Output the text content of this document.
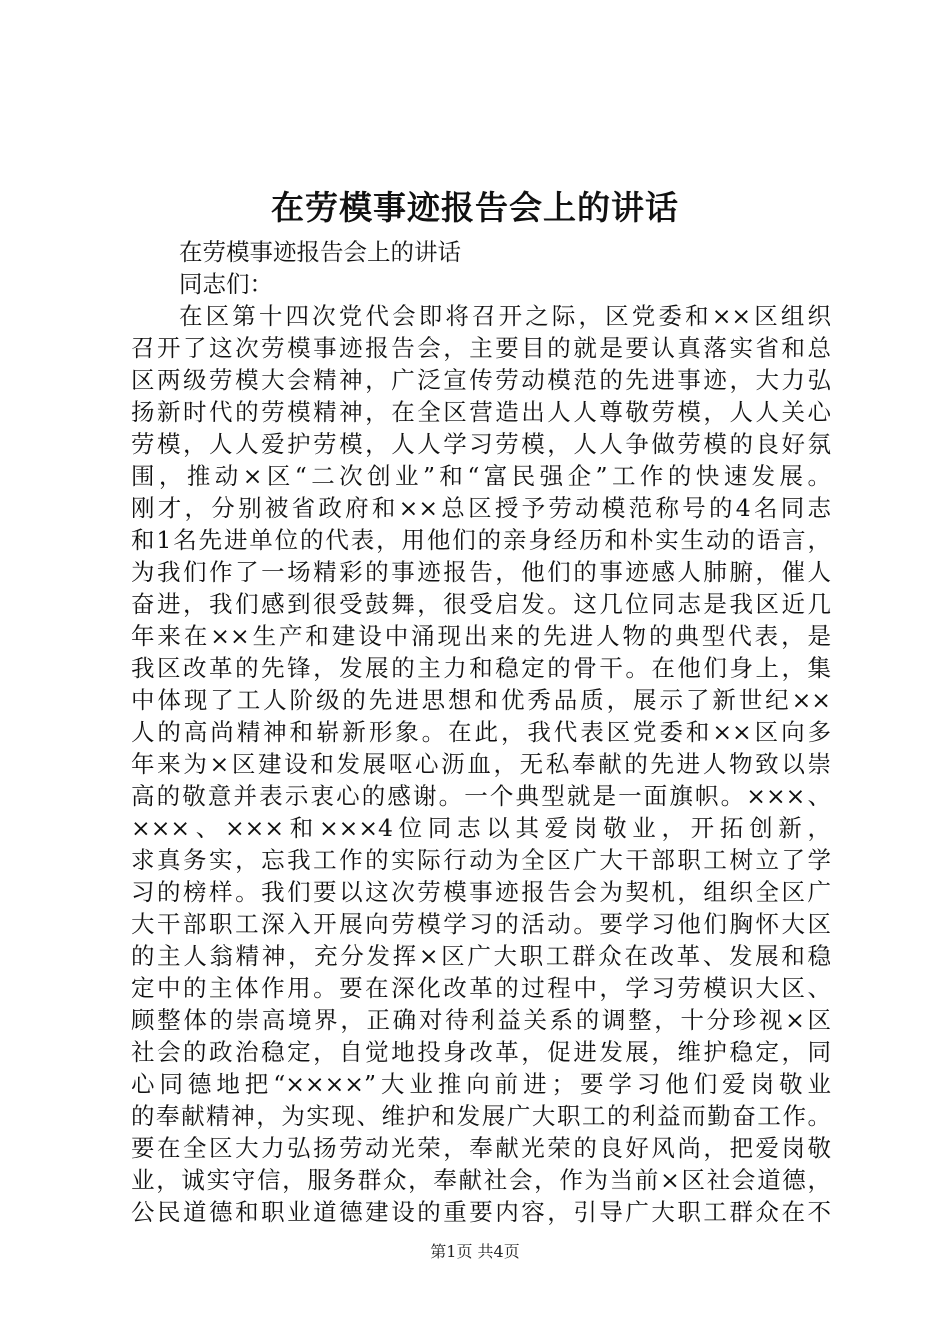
在劳模事迹报告会上的讲话
在劳模事迹报告会上的讲话
同志们：
在区第十四次党代会即将召开之际，区党委和××区组织
召开了这次劳模事迹报告会，主要目的就是要认真落实省和总
区两级劳模大会精神，广泛宣传劳动模范的先进事迹，大力弘
扬新时代的劳模精神，在全区营造出人人尊敬劳模，人人关心
劳模，人人爱护劳模，人人学习劳模，人人争做劳模的良好氛
围，推动×区“二次创业”和“富民强企”工作的快速发展。
刚才，分别被省政府和××总区授予劳动模范称号的4名同志
和1名先进单位的代表，用他们的亲身经历和朴实生动的语言，
为我们作了一场精彩的事迹报告，他们的事迹感人肺腑，催人
奋进，我们感到很受鼓舞，很受启发。这几位同志是我区近几
年来在××生产和建设中涌现出来的先进人物的典型代表，是
我区改革的先锋，发展的主力和稳定的骨干。在他们身上，集
中体现了工人阶级的先进思想和优秀品质，展示了新世纪××
人的高尚精神和崭新形象。在此，我代表区党委和××区向多
年来为×区建设和发展呕心沥血，无私奉献的先进人物致以崇
高的敬意并表示衷心的感谢。一个典型就是一面旗帜。×××、
×××、×××和×××4位同志以其爱岗敬业，开拓创新，
求真务实，忘我工作的实际行动为全区广大干部职工树立了学
习的榜样。我们要以这次劳模事迹报告会为契机，组织全区广
大干部职工深入开展向劳模学习的活动。要学习他们胸怀大区
的主人翁精神，充分发挥×区广大职工群众在改革、发展和稳
定中的主体作用。要在深化改革的过程中，学习劳模识大区、
顾整体的崇高境界，正确对待利益关系的调整，十分珍视×区
社会的政治稳定，自觉地投身改革，促进发展，维护稳定，同
心同德地把“××××”大业推向前进；要学习他们爱岗敬业
的奉献精神，为实现、维护和发展广大职工的利益而勤奋工作。
要在全区大力弘扬劳动光荣，奉献光荣的良好风尚，把爱岗敬
业，诚实守信，服务群众，奉献社会，作为当前×区社会道德，
公民道德和职业道德建设的重要内容，引导广大职工群众在不
第1页 共4页
